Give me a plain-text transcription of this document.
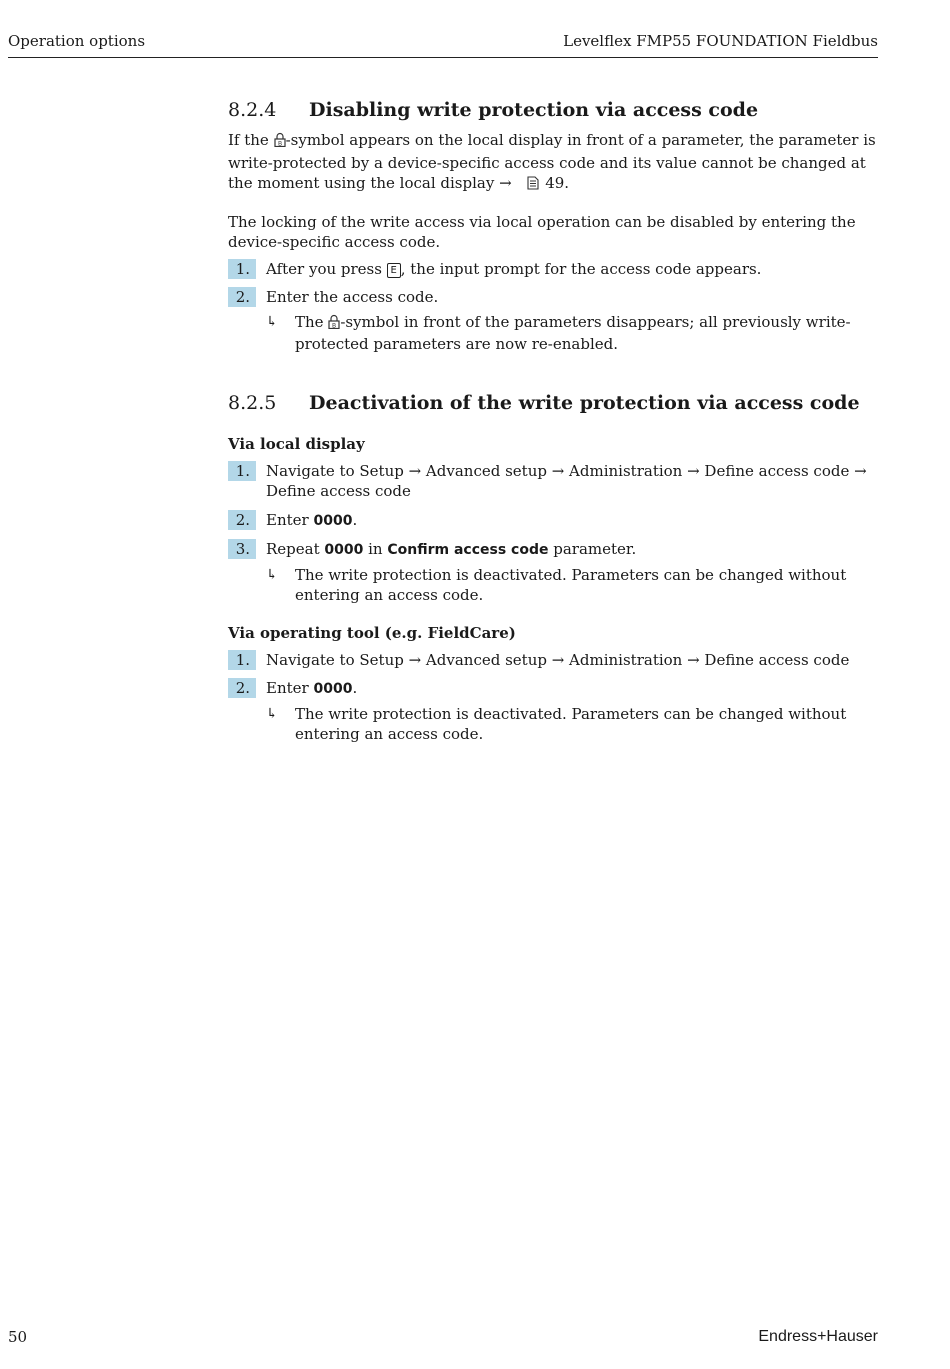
Operation options	Levelflex FMP55 FOUNDATION Fieldbus
8.2.4	Disabling write protection via access code

If the B -symbol appears on the local display in front of a parameter, the parameter is write-protected by a device-specific access code and its value cannot be changed at the moment using the local display →  49.

The locking of the write access via local operation can be disabled by entering the device-specific access code.

1.	After you press E , the input prompt for the access code appears.
2.	Enter the access code.
↳	The B -symbol in front of the parameters disappears; all previously write-protected parameters are now re-enabled.
8.2.5	Deactivation of the write protection via access code

Via local display

1.	Navigate to Setup → Advanced setup → Administration → Define access code → Define access code
2.	Enter 0000.
3.	Repeat 0000 in Confirm access code parameter.
↳	The write protection is deactivated. Parameters can be changed without entering an access code.

Via operating tool (e.g. FieldCare)

1.	Navigate to Setup → Advanced setup → Administration → Define access code
2.	Enter 0000.
↳	The write protection is deactivated. Parameters can be changed without entering an access code.
50	Endress+Hauser
